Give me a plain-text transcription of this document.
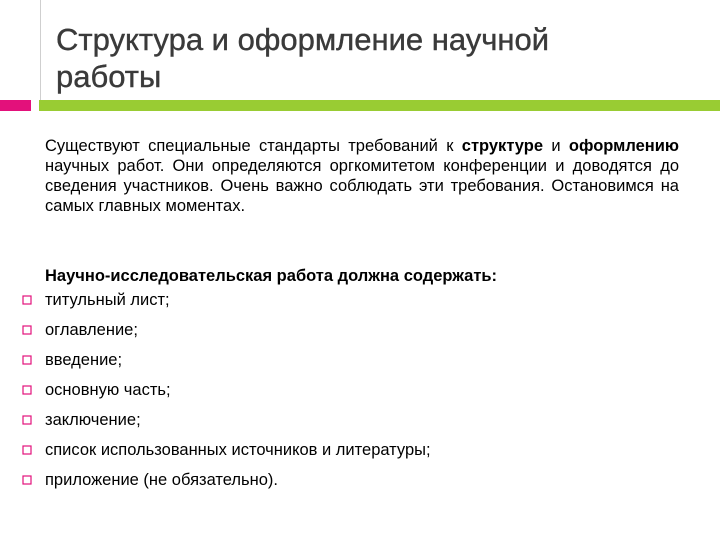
Структура и оформление научной
работы

Существуют специальные стандарты требований к структуре и оформлению научных работ. Они определяются оргкомитетом конференции и доводятся до сведения участников. Очень важно соблюдать эти требования. Остановимся на самых главных моментах.

Научно-исследовательская работа должна содержать:

титульный лист;
оглавление;
введение;
основную часть;
заключение;
список использованных источников и литературы;
приложение (не обязательно).
